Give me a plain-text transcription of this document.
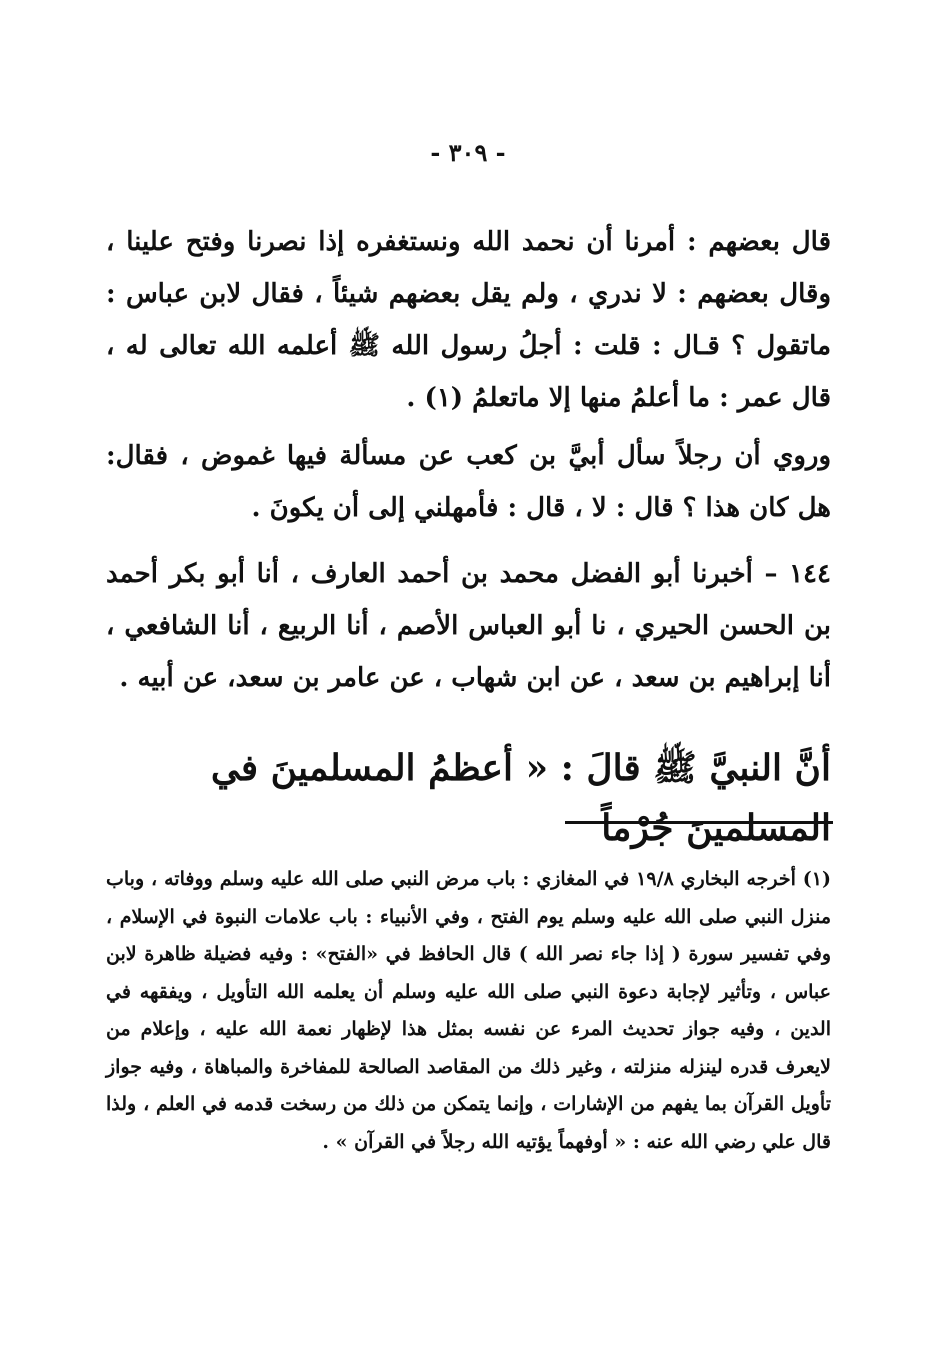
- ٣٠٩ -

قال بعضهم : أمرنا أن نحمد الله ونستغفره إذا نصرنا وفتح علينا ، وقال بعضهم : لا ندري ، ولم يقل بعضهم شيئاً ، فقال لابن عباس : ماتقول ؟ قـال : قلت : أجلُ رسول الله ﷺ أعلمه الله تعالى له ، قال عمر : ما أعلمُ منها إلا ماتعلمُ (١) .

وروي أن رجلاً سأل أبيَّ بن كعب عن مسألة فيها غموض ، فقال: هل كان هذا ؟ قال : لا ، قال : فأمهلني إلى أن يكونَ .

١٤٤ – أخبرنا أبو الفضل محمد بن أحمد العارف ، أنا أبو بكر أحمد بن الحسن الحيري ، نا أبو العباس الأصم ، أنا الربيع ، أنا الشافعي ، أنا إبراهيم بن سعد ، عن ابن شهاب ، عن عامر بن سعد، عن أبيه .

أنَّ النبيَّ ﷺ قالَ : « أعظمُ المسلمينَ في المسلمينَ جُرْماً

(١) أخرجه البخاري ١٩/٨ في المغازي : باب مرض النبي صلى الله عليه وسلم ووفاته ، وباب منزل النبي صلى الله عليه وسلم يوم الفتح ، وفي الأنبياء : باب علامات النبوة في الإسلام ، وفي تفسير سورة ( إذا جاء نصر الله ) قال الحافظ في «الفتح» : وفيه فضيلة ظاهرة لابن عباس ، وتأثير لإجابة دعوة النبي صلى الله عليه وسلم أن يعلمه الله التأويل ، ويفقهه في الدين ، وفيه جواز تحديث المرء عن نفسه بمثل هذا لإظهار نعمة الله عليه ، وإعلام من لايعرف قدره لينزله منزلته ، وغير ذلك من المقاصد الصالحة للمفاخرة والمباهاة ، وفيه جواز تأويل القرآن بما يفهم من الإشارات ، وإنما يتمكن من ذلك من رسخت قدمه في العلم ، ولذا قال علي رضي الله عنه : « أوفهماً يؤتيه الله رجلاً في القرآن » .
